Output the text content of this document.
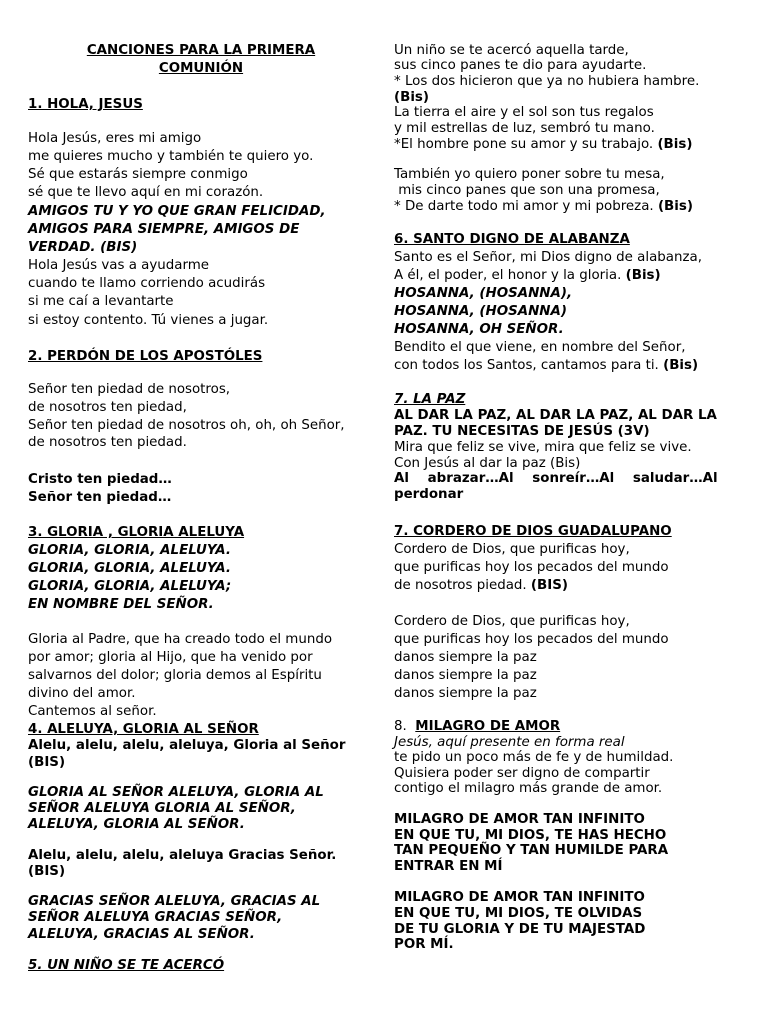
CANCIONES PARA LA PRIMERA
COMUNIÓN
1. HOLA, JESUS
Hola Jesús, eres mi amigo
me quieres mucho y también te quiero yo.
Sé que estarás siempre conmigo
sé que te llevo aquí en mi corazón.
AMIGOS TU Y YO QUE GRAN FELICIDAD,
AMIGOS PARA SIEMPRE, AMIGOS DE
VERDAD. (BIS)
Hola Jesús vas a ayudarme
cuando te llamo corriendo acudirás
si me caí a levantarte
si estoy contento. Tú vienes a jugar.
2. PERDÓN DE LOS APOSTÓLES
Señor ten piedad de nosotros,
de nosotros ten piedad,
Señor ten piedad de nosotros oh, oh, oh Señor,
de nosotros ten piedad.
Cristo ten piedad…
Señor ten piedad…
3. GLORIA , GLORIA ALELUYA
GLORIA, GLORIA, ALELUYA.
GLORIA, GLORIA, ALELUYA.
GLORIA, GLORIA, ALELUYA;
EN NOMBRE DEL SEÑOR.
Gloria al Padre, que ha creado todo el mundo
por amor; gloria al Hijo, que ha venido por
salvarnos del dolor; gloria demos al Espíritu
divino del amor.
Cantemos al señor.
4. ALELUYA, GLORIA AL SEÑOR
Alelu, alelu, alelu, aleluya, Gloria al Señor
(BIS)
GLORIA AL SEÑOR ALELUYA, GLORIA AL
SEÑOR ALELUYA GLORIA AL SEÑOR,
ALELUYA, GLORIA AL SEÑOR.
Alelu, alelu, alelu, aleluya Gracias Señor.
(BIS)
GRACIAS SEÑOR ALELUYA, GRACIAS AL
SEÑOR ALELUYA GRACIAS SEÑOR,
ALELUYA, GRACIAS AL SEÑOR.
5. UN NIÑO SE TE ACERCÓ
Un niño se te acercó aquella tarde,
sus cinco panes te dio para ayudarte.
* Los dos hicieron que ya no hubiera hambre.
(Bis)
La tierra el aire y el sol son tus regalos
y mil estrellas de luz, sembró tu mano.
*El hombre pone su amor y su trabajo. (Bis)
También yo quiero poner sobre tu mesa,
mis cinco panes que son una promesa,
* De darte todo mi amor y mi pobreza. (Bis)
6. SANTO DIGNO DE ALABANZA
Santo es el Señor, mi Dios digno de alabanza,
A él, el poder, el honor y la gloria. (Bis)
HOSANNA, (HOSANNA),
HOSANNA, (HOSANNA)
HOSANNA, OH SEÑOR.
Bendito el que viene, en nombre del Señor,
con todos los Santos, cantamos para ti. (Bis)
7. LA PAZ
AL DAR LA PAZ, AL DAR LA PAZ, AL DAR LA
PAZ. TU NECESITAS DE JESÚS (3V)
Mira que feliz se vive, mira que feliz se vive.
Con Jesús al dar la paz (Bis)
Al    abrazar…Al    sonreír…Al    saludar…Al
perdonar
7. CORDERO DE DIOS GUADALUPANO
Cordero de Dios, que purificas hoy,
que purificas hoy los pecados del mundo
de nosotros piedad. (BIS)
Cordero de Dios, que purificas hoy,
que purificas hoy los pecados del mundo
danos siempre la paz
danos siempre la paz
danos siempre la paz
8. MILAGRO DE AMOR
Jesús, aquí presente en forma real
te pido un poco más de fe y de humildad.
Quisiera poder ser digno de compartir
contigo el milagro más grande de amor.
MILAGRO DE AMOR TAN INFINITO
EN QUE TU, MI DIOS, TE HAS HECHO
TAN PEQUEÑO Y TAN HUMILDE PARA
ENTRAR EN MÍ
MILAGRO DE AMOR TAN INFINITO
EN QUE TU, MI DIOS, TE OLVIDAS
DE TU GLORIA Y DE TU MAJESTAD
POR MÍ.
